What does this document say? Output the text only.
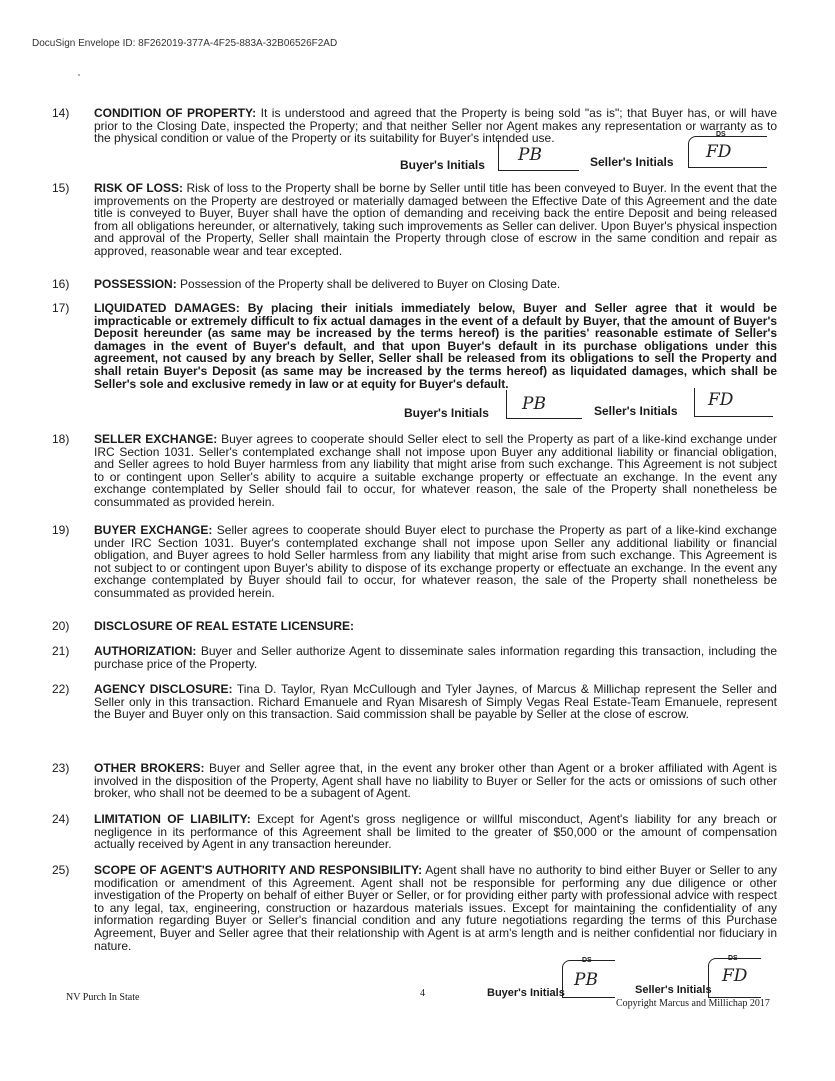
DocuSign Envelope ID: 8F262019-377A-4F25-883A-32B06526F2AD
14)	CONDITION OF PROPERTY: It is understood and agreed that the Property is being sold "as is"; that Buyer has, or will have prior to the Closing Date, inspected the Property; and that neither Seller nor Agent makes any representation or warranty as to the physical condition or value of the Property or its suitability for Buyer's intended use.
Buyer's Initials PB	Seller's Initials
DS
FD
15)	RISK OF LOSS: Risk of loss to the Property shall be borne by Seller until title has been conveyed to Buyer. In the event that the improvements on the Property are destroyed or materially damaged between the Effective Date of this Agreement and the date title is conveyed to Buyer, Buyer shall have the option of demanding and receiving back the entire Deposit and being released from all obligations hereunder, or alternatively, taking such improvements as Seller can deliver. Upon Buyer's physical inspection and approval of the Property, Seller shall maintain the Property through close of escrow in the same condition and repair as approved, reasonable wear and tear excepted.
16)	POSSESSION: Possession of the Property shall be delivered to Buyer on Closing Date.
17)	LIQUIDATED DAMAGES: By placing their initials immediately below, Buyer and Seller agree that it would be impracticable or extremely difficult to fix actual damages in the event of a default by Buyer, that the amount of Buyer's Deposit hereunder (as same may be increased by the terms hereof) is the parities' reasonable estimate of Seller's damages in the event of Buyer's default, and that upon Buyer's default in its purchase obligations under this agreement, not caused by any breach by Seller, Seller shall be released from its obligations to sell the Property and shall retain Buyer's Deposit (as same may be increased by the terms hereof) as liquidated damages, which shall be Seller's sole and exclusive remedy in law or at equity for Buyer's default.
Buyer's Initials PB	Seller's Initials
FD
18)	SELLER EXCHANGE: Buyer agrees to cooperate should Seller elect to sell the Property as part of a like-kind exchange under IRC Section 1031. Seller's contemplated exchange shall not impose upon Buyer any additional liability or financial obligation, and Seller agrees to hold Buyer harmless from any liability that might arise from such exchange. This Agreement is not subject to or contingent upon Seller's ability to acquire a suitable exchange property or effectuate an exchange. In the event any exchange contemplated by Seller should fail to occur, for whatever reason, the sale of the Property shall nonetheless be consummated as provided herein.
19)	BUYER EXCHANGE: Seller agrees to cooperate should Buyer elect to purchase the Property as part of a like-kind exchange under IRC Section 1031. Buyer's contemplated exchange shall not impose upon Seller any additional liability or financial obligation, and Buyer agrees to hold Seller harmless from any liability that might arise from such exchange. This Agreement is not subject to or contingent upon Buyer's ability to dispose of its exchange property or effectuate an exchange. In the event any exchange contemplated by Buyer should fail to occur, for whatever reason, the sale of the Property shall nonetheless be consummated as provided herein.
20)	DISCLOSURE OF REAL ESTATE LICENSURE:
21)	AUTHORIZATION: Buyer and Seller authorize Agent to disseminate sales information regarding this transaction, including the purchase price of the Property.
22)	AGENCY DISCLOSURE: Tina D. Taylor, Ryan McCullough and Tyler Jaynes, of Marcus & Millichap represent the Seller and Seller only in this transaction. Richard Emanuele and Ryan Misaresh of Simply Vegas Real Estate-Team Emanuele, represent the Buyer and Buyer only on this transaction. Said commission shall be payable by Seller at the close of escrow.
23)	OTHER BROKERS: Buyer and Seller agree that, in the event any broker other than Agent or a broker affiliated with Agent is involved in the disposition of the Property, Agent shall have no liability to Buyer or Seller for the acts or omissions of such other broker, who shall not be deemed to be a subagent of Agent.
24)	LIMITATION OF LIABILITY: Except for Agent's gross negligence or willful misconduct, Agent's liability for any breach or negligence in its performance of this Agreement shall be limited to the greater of $50,000 or the amount of compensation actually received by Agent in any transaction hereunder.
25)	SCOPE OF AGENT'S AUTHORITY AND RESPONSIBILITY: Agent shall have no authority to bind either Buyer or Seller to any modification or amendment of this Agreement. Agent shall not be responsible for performing any due diligence or other investigation of the Property on behalf of either Buyer or Seller, or for providing either party with professional advice with respect to any legal, tax, engineering, construction or hazardous materials issues. Except for maintaining the confidentiality of any information regarding Buyer or Seller's financial condition and any future negotiations regarding the terms of this Purchase Agreement, Buyer and Seller agree that their relationship with Agent is at arm's length and is neither confidential nor fiduciary in nature.
Buyer's Initials
DS
PB	Seller's Initials
DS
FD
NV Purch In State	4
Copyright Marcus and Millichap 2017
